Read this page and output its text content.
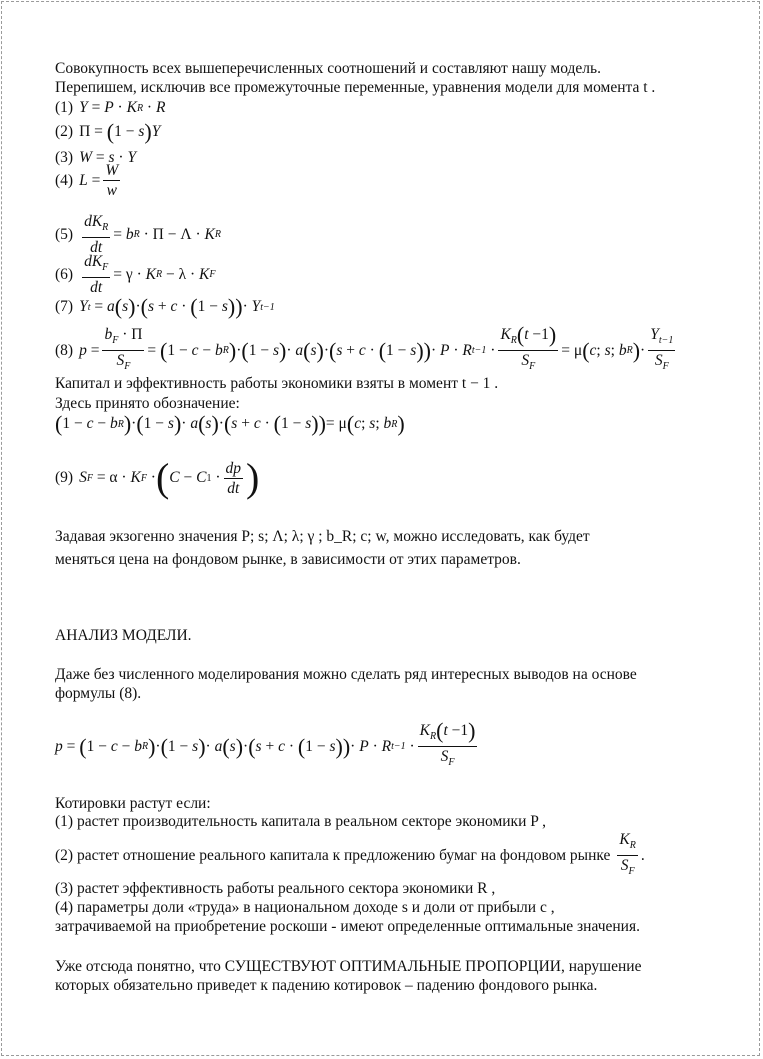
Совокупность всех вышеперечисленных соотношений и составляют нашу модель.
Перепишем, исключив все промежуточные переменные, уравнения модели для момента t .
(1) Y = P · K R · R
(2) Π = ( 1 − s ) Y
(3) W = s · Y
(4) $L = \frac{W}{w}$
$(5) \frac{dK_R}{dt} = b$ R · Π − Λ · K R
$(6) \frac{dK_F}{dt} = \gamma \cdot K$ R − λ · K F
(7) Y t = a ( s ) · ( s + c · ( 1 − s ) ) · Y t−1
(8) $p = \frac{b_F \cdot \Pi}{S_F}$ = ( 1 − c − b R ) · ( 1 − s ) · a ( s ) · ( s + c · ( 1 − s ) ) · P · R $t-1 \cdot \frac{K_R(t -1)}{S_F} = \mu$ ( c ; s ; b R ) · $\frac{Y_{t-1}}{S_F}$
Капитал и эффективность работы экономики взяты в момент t − 1 .
Здесь принято обозначение:
( 1 − c − b R ) · ( 1 − s ) · a ( s ) · ( s + c · ( 1 − s ) ) = μ ( c ; s ; b R )
(9) S F = α · K F · ( C − C $1 \cdot \frac{dp}{dt}$ )
Задавая экзогенно значения P; s; Λ; λ; γ ; b_R; c; w, можно исследовать, как будет
меняться цена на фондовом рынке, в зависимости от этих параметров.
АНАЛИЗ МОДЕЛИ.
Даже без численного моделирования можно сделать ряд интересных выводов на основе
формулы (8).
p = ( 1 − c − b R ) · ( 1 − s ) · a ( s ) · ( s + c · ( 1 − s ) ) · P · R $t-1 \cdot \frac{K_R(t -1)}{S_F}$
Котировки растут если:
(1) растет производительность капитала в реальном секторе экономики P ,
(2) растет отношение реального капитала к предложению бумаг на фондовом рынке $\frac{K_R}{S_F}$ .
(3) растет эффективность работы реального сектора экономики R ,
(4) параметры доли «труда» в национальном доходе s и доли от прибыли c ,
затрачиваемой на приобретение роскоши - имеют определенные оптимальные значения.
Уже отсюда понятно, что СУЩЕСТВУЮТ ОПТИМАЛЬНЫЕ ПРОПОРЦИИ, нарушение
которых обязательно приведет к падению котировок – падению фондового рынка.
